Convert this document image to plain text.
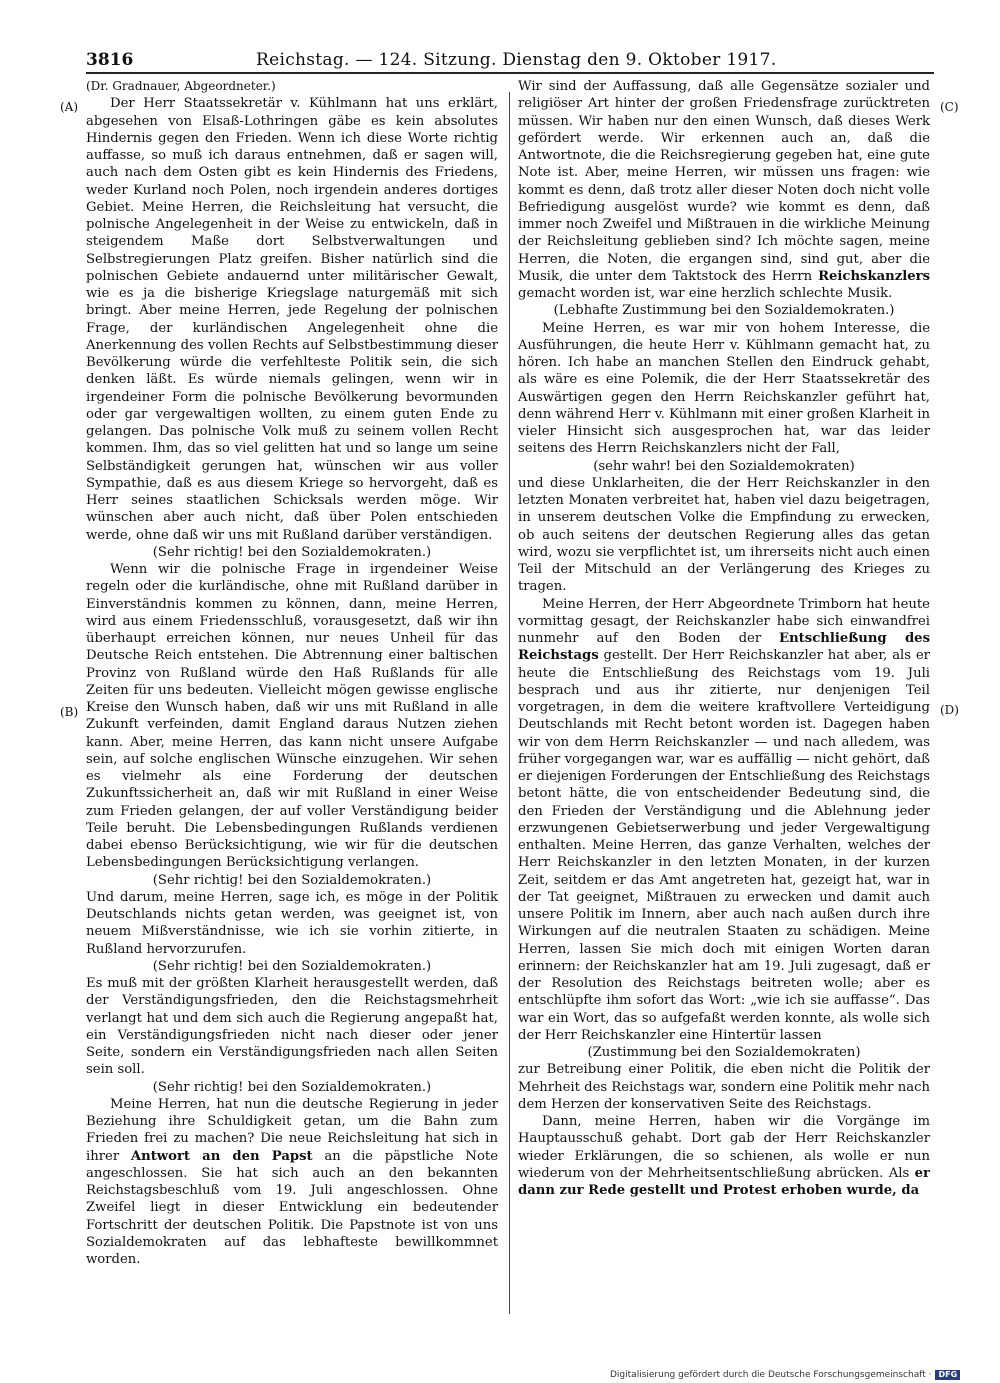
3816	Reichstag. — 124. Sitzung. Dienstag den 9. Oktober 1917.
(A)
(B)
(C)
(D)

(Dr. Gradnauer, Abgeordneter.)

Der Herr Staatssekretär v. Kühlmann hat uns erklärt, abgesehen von Elsaß-Lothringen gäbe es kein absolutes Hindernis gegen den Frieden. Wenn ich diese Worte richtig auffasse, so muß ich daraus entnehmen, daß er sagen will, auch nach dem Osten gibt es kein Hindernis des Friedens, weder Kurland noch Polen, noch irgendein anderes dortiges Gebiet. Meine Herren, die Reichsleitung hat versucht, die polnische Angelegenheit in der Weise zu entwickeln, daß in steigendem Maße dort Selbstverwaltungen und Selbstregierungen Platz greifen. Bisher natürlich sind die polnischen Gebiete andauernd unter militärischer Gewalt, wie es ja die bisherige Kriegslage naturgemäß mit sich bringt. Aber meine Herren, jede Regelung der polnischen Frage, der kurländischen Angelegenheit ohne die Anerkennung des vollen Rechts auf Selbstbestimmung dieser Bevölkerung würde die verfehlteste Politik sein, die sich denken läßt. Es würde niemals gelingen, wenn wir in irgendeiner Form die polnische Bevölkerung bevormunden oder gar vergewaltigen wollten, zu einem guten Ende zu gelangen. Das polnische Volk muß zu seinem vollen Recht kommen. Ihm, das so viel gelitten hat und so lange um seine Selbständigkeit gerungen hat, wünschen wir aus voller Sympathie, daß es aus diesem Kriege so hervorgeht, daß es Herr seines staatlichen Schicksals werden möge. Wir wünschen aber auch nicht, daß über Polen entschieden werde, ohne daß wir uns mit Rußland darüber verständigen.

(Sehr richtig! bei den Sozialdemokraten.)

Wenn wir die polnische Frage in irgendeiner Weise regeln oder die kurländische, ohne mit Rußland darüber in Einverständnis kommen zu können, dann, meine Herren, wird aus einem Friedensschluß, vorausgesetzt, daß wir ihn überhaupt erreichen können, nur neues Unheil für das Deutsche Reich entstehen. Die Abtrennung einer baltischen Provinz von Rußland würde den Haß Rußlands für alle Zeiten für uns bedeuten. Vielleicht mögen gewisse englische Kreise den Wunsch haben, daß wir uns mit Rußland in alle Zukunft verfeinden, damit England daraus Nutzen ziehen kann. Aber, meine Herren, das kann nicht unsere Aufgabe sein, auf solche englischen Wünsche einzugehen. Wir sehen es vielmehr als eine Forderung der deutschen Zukunftssicherheit an, daß wir mit Rußland in einer Weise zum Frieden gelangen, der auf voller Verständigung beider Teile beruht. Die Lebensbedingungen Rußlands verdienen dabei ebenso Berücksichtigung, wie wir für die deutschen Lebensbedingungen Berücksichtigung verlangen.

(Sehr richtig! bei den Sozialdemokraten.)

Und darum, meine Herren, sage ich, es möge in der Politik Deutschlands nichts getan werden, was geeignet ist, von neuem Mißverständnisse, wie ich sie vorhin zitierte, in Rußland hervorzurufen.

(Sehr richtig! bei den Sozialdemokraten.)

Es muß mit der größten Klarheit herausgestellt werden, daß der Verständigungsfrieden, den die Reichstagsmehrheit verlangt hat und dem sich auch die Regierung angepaßt hat, ein Verständigungsfrieden nicht nach dieser oder jener Seite, sondern ein Verständigungsfrieden nach allen Seiten sein soll.

(Sehr richtig! bei den Sozialdemokraten.)

Meine Herren, hat nun die deutsche Regierung in jeder Beziehung ihre Schuldigkeit getan, um die Bahn zum Frieden frei zu machen? Die neue Reichsleitung hat sich in ihrer Antwort an den Papst an die päpstliche Note angeschlossen. Sie hat sich auch an den bekannten Reichstagsbeschluß vom 19. Juli angeschlossen. Ohne Zweifel liegt in dieser Entwicklung ein bedeutender Fortschritt der deutschen Politik. Die Papstnote ist von uns Sozialdemokraten auf das lebhafteste bewillkommnet worden.

Wir sind der Auffassung, daß alle Gegensätze sozialer und religiöser Art hinter der großen Friedensfrage zurücktreten müssen. Wir haben nur den einen Wunsch, daß dieses Werk gefördert werde. Wir erkennen auch an, daß die Antwortnote, die die Reichsregierung gegeben hat, eine gute Note ist. Aber, meine Herren, wir müssen uns fragen: wie kommt es denn, daß trotz aller dieser Noten doch nicht volle Befriedigung ausgelöst wurde? wie kommt es denn, daß immer noch Zweifel und Mißtrauen in die wirkliche Meinung der Reichsleitung geblieben sind? Ich möchte sagen, meine Herren, die Noten, die ergangen sind, sind gut, aber die Musik, die unter dem Taktstock des Herrn Reichskanzlers gemacht worden ist, war eine herzlich schlechte Musik.

(Lebhafte Zustimmung bei den Sozialdemokraten.)

Meine Herren, es war mir von hohem Interesse, die Ausführungen, die heute Herr v. Kühlmann gemacht hat, zu hören. Ich habe an manchen Stellen den Eindruck gehabt, als wäre es eine Polemik, die der Herr Staatssekretär des Auswärtigen gegen den Herrn Reichskanzler geführt hat, denn während Herr v. Kühlmann mit einer großen Klarheit in vieler Hinsicht sich ausgesprochen hat, war das leider seitens des Herrn Reichskanzlers nicht der Fall,

(sehr wahr! bei den Sozialdemokraten)

und diese Unklarheiten, die der Herr Reichskanzler in den letzten Monaten verbreitet hat, haben viel dazu beigetragen, in unserem deutschen Volke die Empfindung zu erwecken, ob auch seitens der deutschen Regierung alles das getan wird, wozu sie verpflichtet ist, um ihrerseits nicht auch einen Teil der Mitschuld an der Verlängerung des Krieges zu tragen.

Meine Herren, der Herr Abgeordnete Trimborn hat heute vormittag gesagt, der Reichskanzler habe sich einwandfrei nunmehr auf den Boden der Entschließung des Reichstags gestellt. Der Herr Reichskanzler hat aber, als er heute die Entschließung des Reichstags vom 19. Juli besprach und aus ihr zitierte, nur denjenigen Teil vorgetragen, in dem die weitere kraftvollere Verteidigung Deutschlands mit Recht betont worden ist. Dagegen haben wir von dem Herrn Reichskanzler — und nach alledem, was früher vorgegangen war, war es auffällig — nicht gehört, daß er diejenigen Forderungen der Entschließung des Reichstags betont hätte, die von entscheidender Bedeutung sind, die den Frieden der Verständigung und die Ablehnung jeder erzwungenen Gebietserwerbung und jeder Vergewaltigung enthalten. Meine Herren, das ganze Verhalten, welches der Herr Reichskanzler in den letzten Monaten, in der kurzen Zeit, seitdem er das Amt angetreten hat, gezeigt hat, war in der Tat geeignet, Mißtrauen zu erwecken und damit auch unsere Politik im Innern, aber auch nach außen durch ihre Wirkungen auf die neutralen Staaten zu schädigen. Meine Herren, lassen Sie mich doch mit einigen Worten daran erinnern: der Reichskanzler hat am 19. Juli zugesagt, daß er der Resolution des Reichstags beitreten wolle; aber es entschlüpfte ihm sofort das Wort: „wie ich sie auffasse“. Das war ein Wort, das so aufgefaßt werden konnte, als wolle sich der Herr Reichskanzler eine Hintertür lassen

(Zustimmung bei den Sozialdemokraten)

zur Betreibung einer Politik, die eben nicht die Politik der Mehrheit des Reichstags war, sondern eine Politik mehr nach dem Herzen der konservativen Seite des Reichstags.

Dann, meine Herren, haben wir die Vorgänge im Hauptausschuß gehabt. Dort gab der Herr Reichskanzler wieder Erklärungen, die so schienen, als wolle er nun wiederum von der Mehrheitsentschließung abrücken. Als er dann zur Rede gestellt und Protest erhoben wurde, da

Digitalisierung gefördert durch die Deutsche Forschungsgemeinschaft · DFG
